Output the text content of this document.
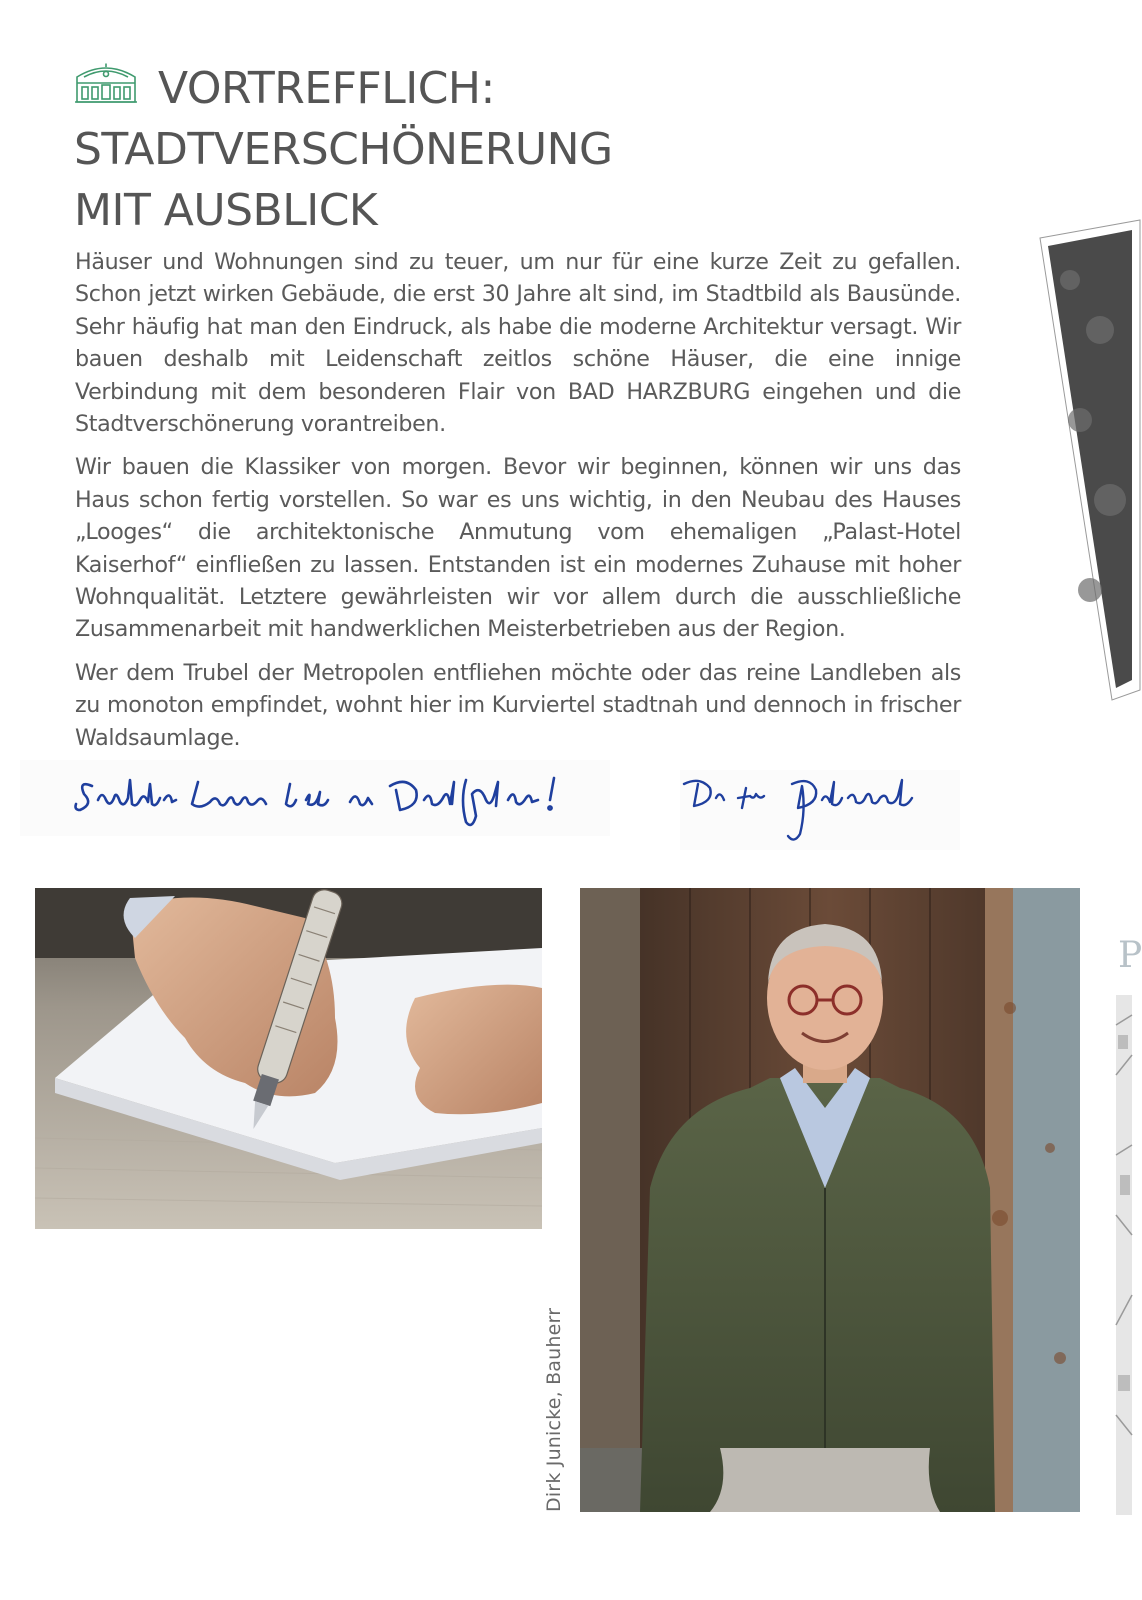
VORTREFFLICH:
STADTVERSCHÖNERUNG
MIT AUSBLICK

Häuser und Wohnungen sind zu teuer, um nur für eine kurze Zeit zu gefallen. Schon jetzt wirken Gebäude, die erst 30 Jahre alt sind, im Stadtbild als Bausünde. Sehr häufig hat man den Eindruck, als habe die moderne Architektur versagt. Wir bauen deshalb mit Leidenschaft zeitlos schöne Häuser, die eine innige Verbindung mit dem besonderen Flair von BAD HARZBURG eingehen und die Stadtverschönerung vorantreiben.

Wir bauen die Klassiker von morgen. Bevor wir beginnen, können wir uns das Haus schon fertig vorstellen. So war es uns wichtig, in den Neubau des Hauses „Looges“ die architektonische Anmutung vom ehemaligen „Palast-Hotel Kaiserhof“ einfließen zu lassen. Entstanden ist ein modernes Zuhause mit hoher Wohnqualität. Letztere gewährleisten wir vor allem durch die ausschließliche Zusammenarbeit mit handwerklichen Meisterbetrieben aus der Region.

Wer dem Trubel der Metropolen entfliehen möchte oder das reine Landleben als zu monoton empfindet, wohnt hier im Kurviertel stadtnah und dennoch in frischer Waldsaumlage.

Dirk Junicke, Bauherr
P
